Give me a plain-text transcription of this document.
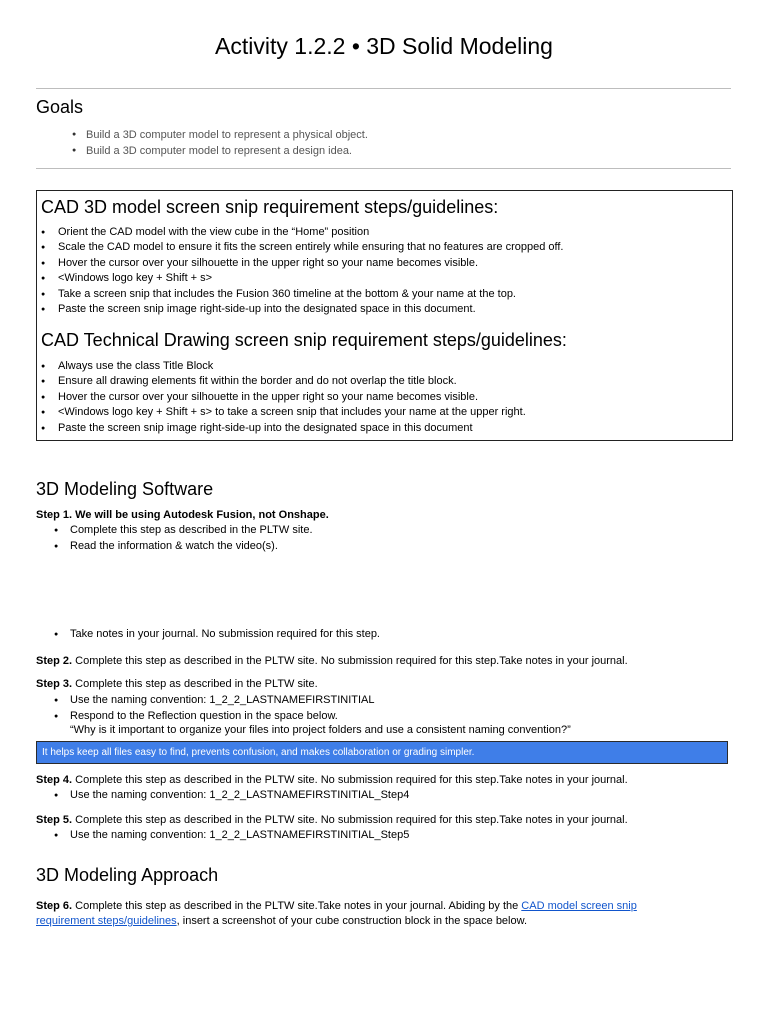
Activity 1.2.2 • 3D Solid Modeling
Goals
● Build a 3D computer model to represent a physical object.
● Build a 3D computer model to represent a design idea.
CAD 3D model screen snip requirement steps/guidelines:
● Orient the CAD model with the view cube in the “Home” position
● Scale the CAD model to ensure it fits the screen entirely while ensuring that no features are cropped off.
● Hover the cursor over your silhouette in the upper right so your name becomes visible.
● <Windows logo key + Shift + s>
● Take a screen snip that includes the Fusion 360 timeline at the bottom & your name at the top.
● Paste the screen snip image right-side-up into the designated space in this document.
CAD Technical Drawing screen snip requirement steps/guidelines:
● Always use the class Title Block
● Ensure all drawing elements fit within the border and do not overlap the title block.
● Hover the cursor over your silhouette in the upper right so your name becomes visible.
● <Windows logo key + Shift + s> to take a screen snip that includes your name at the upper right.
● Paste the screen snip image right-side-up into the designated space in this document
3D Modeling Software
Step 1. We will be using Autodesk Fusion, not Onshape.
● Complete this step as described in the PLTW site.
● Read the information & watch the video(s).
● Take notes in your journal. No submission required for this step.
Step 2. Complete this step as described in the PLTW site. No submission required for this step.Take notes in your journal.
Step 3. Complete this step as described in the PLTW site.
● Use the naming convention: 1_2_2_LASTNAMEFIRSTINITIAL
● Respond to the Reflection question in the space below.
“Why is it important to organize your files into project folders and use a consistent naming convention?”
It helps keep all files easy to find, prevents confusion, and makes collaboration or grading simpler.
Step 4. Complete this step as described in the PLTW site. No submission required for this step.Take notes in your journal.
● Use the naming convention: 1_2_2_LASTNAMEFIRSTINITIAL_Step4
Step 5. Complete this step as described in the PLTW site. No submission required for this step.Take notes in your journal.
● Use the naming convention: 1_2_2_LASTNAMEFIRSTINITIAL_Step5
3D Modeling Approach
Step 6. Complete this step as described in the PLTW site.Take notes in your journal. Abiding by the CAD model screen snip
requirement steps/guidelines, insert a screenshot of your cube construction block in the space below.
